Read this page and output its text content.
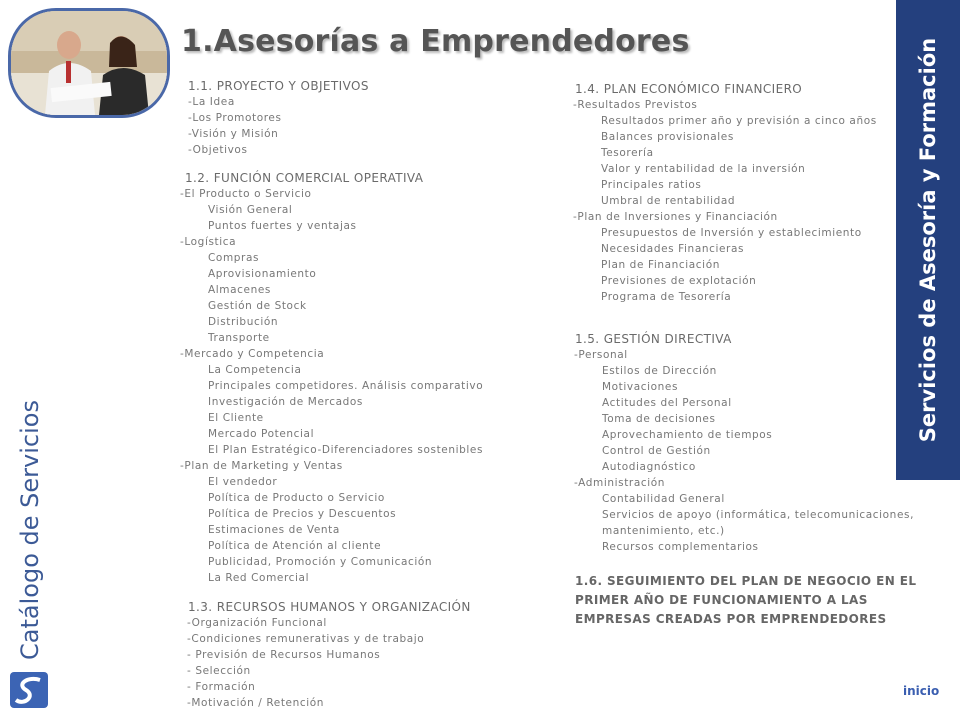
1.Asesorías a Emprendedores	Servicios de Asesoría y Formación
Catálogo de Servicios
1.1. PROYECTO Y OBJETIVOS
-La Idea
-Los Promotores
-Visión y Misión
-Objetivos
1.2. FUNCIÓN COMERCIAL OPERATIVA
-El Producto o Servicio
Visión General
Puntos fuertes y ventajas
-Logística
Compras
Aprovisionamiento
Almacenes
Gestión de Stock
Distribución
Transporte
-Mercado y Competencia
La Competencia
Principales competidores. Análisis comparativo
Investigación de Mercados
El Cliente
Mercado Potencial
El Plan Estratégico-Diferenciadores sostenibles
-Plan de Marketing y Ventas
El vendedor
Política de Producto o Servicio
Política de Precios y Descuentos
Estimaciones de Venta
Política de Atención al cliente
Publicidad, Promoción y Comunicación
La Red Comercial
1.3. RECURSOS HUMANOS Y ORGANIZACIÓN
-Organización Funcional
-Condiciones remunerativas y de trabajo
- Previsión de Recursos Humanos
- Selección
- Formación
-Motivación / Retención
1.4. PLAN ECONÓMICO FINANCIERO
-Resultados Previstos
Resultados primer año y previsión a cinco años
Balances provisionales
Tesorería
Valor y rentabilidad de la inversión
Principales ratios
Umbral de rentabilidad
-Plan de Inversiones y Financiación
Presupuestos de Inversión y establecimiento
Necesidades Financieras
Plan de Financiación
Previsiones de explotación
Programa de Tesorería
1.5. GESTIÓN DIRECTIVA
-Personal
Estilos de Dirección
Motivaciones
Actitudes del Personal
Toma de decisiones
Aprovechamiento de tiempos
Control de Gestión
Autodiagnóstico
-Administración
Contabilidad General
Servicios de apoyo (informática, telecomunicaciones,
mantenimiento, etc.)
Recursos complementarios
1.6. SEGUIMIENTO DEL PLAN DE NEGOCIO EN EL
PRIMER AÑO DE FUNCIONAMIENTO A LAS
EMPRESAS CREADAS POR EMPRENDEDORES
inicio
